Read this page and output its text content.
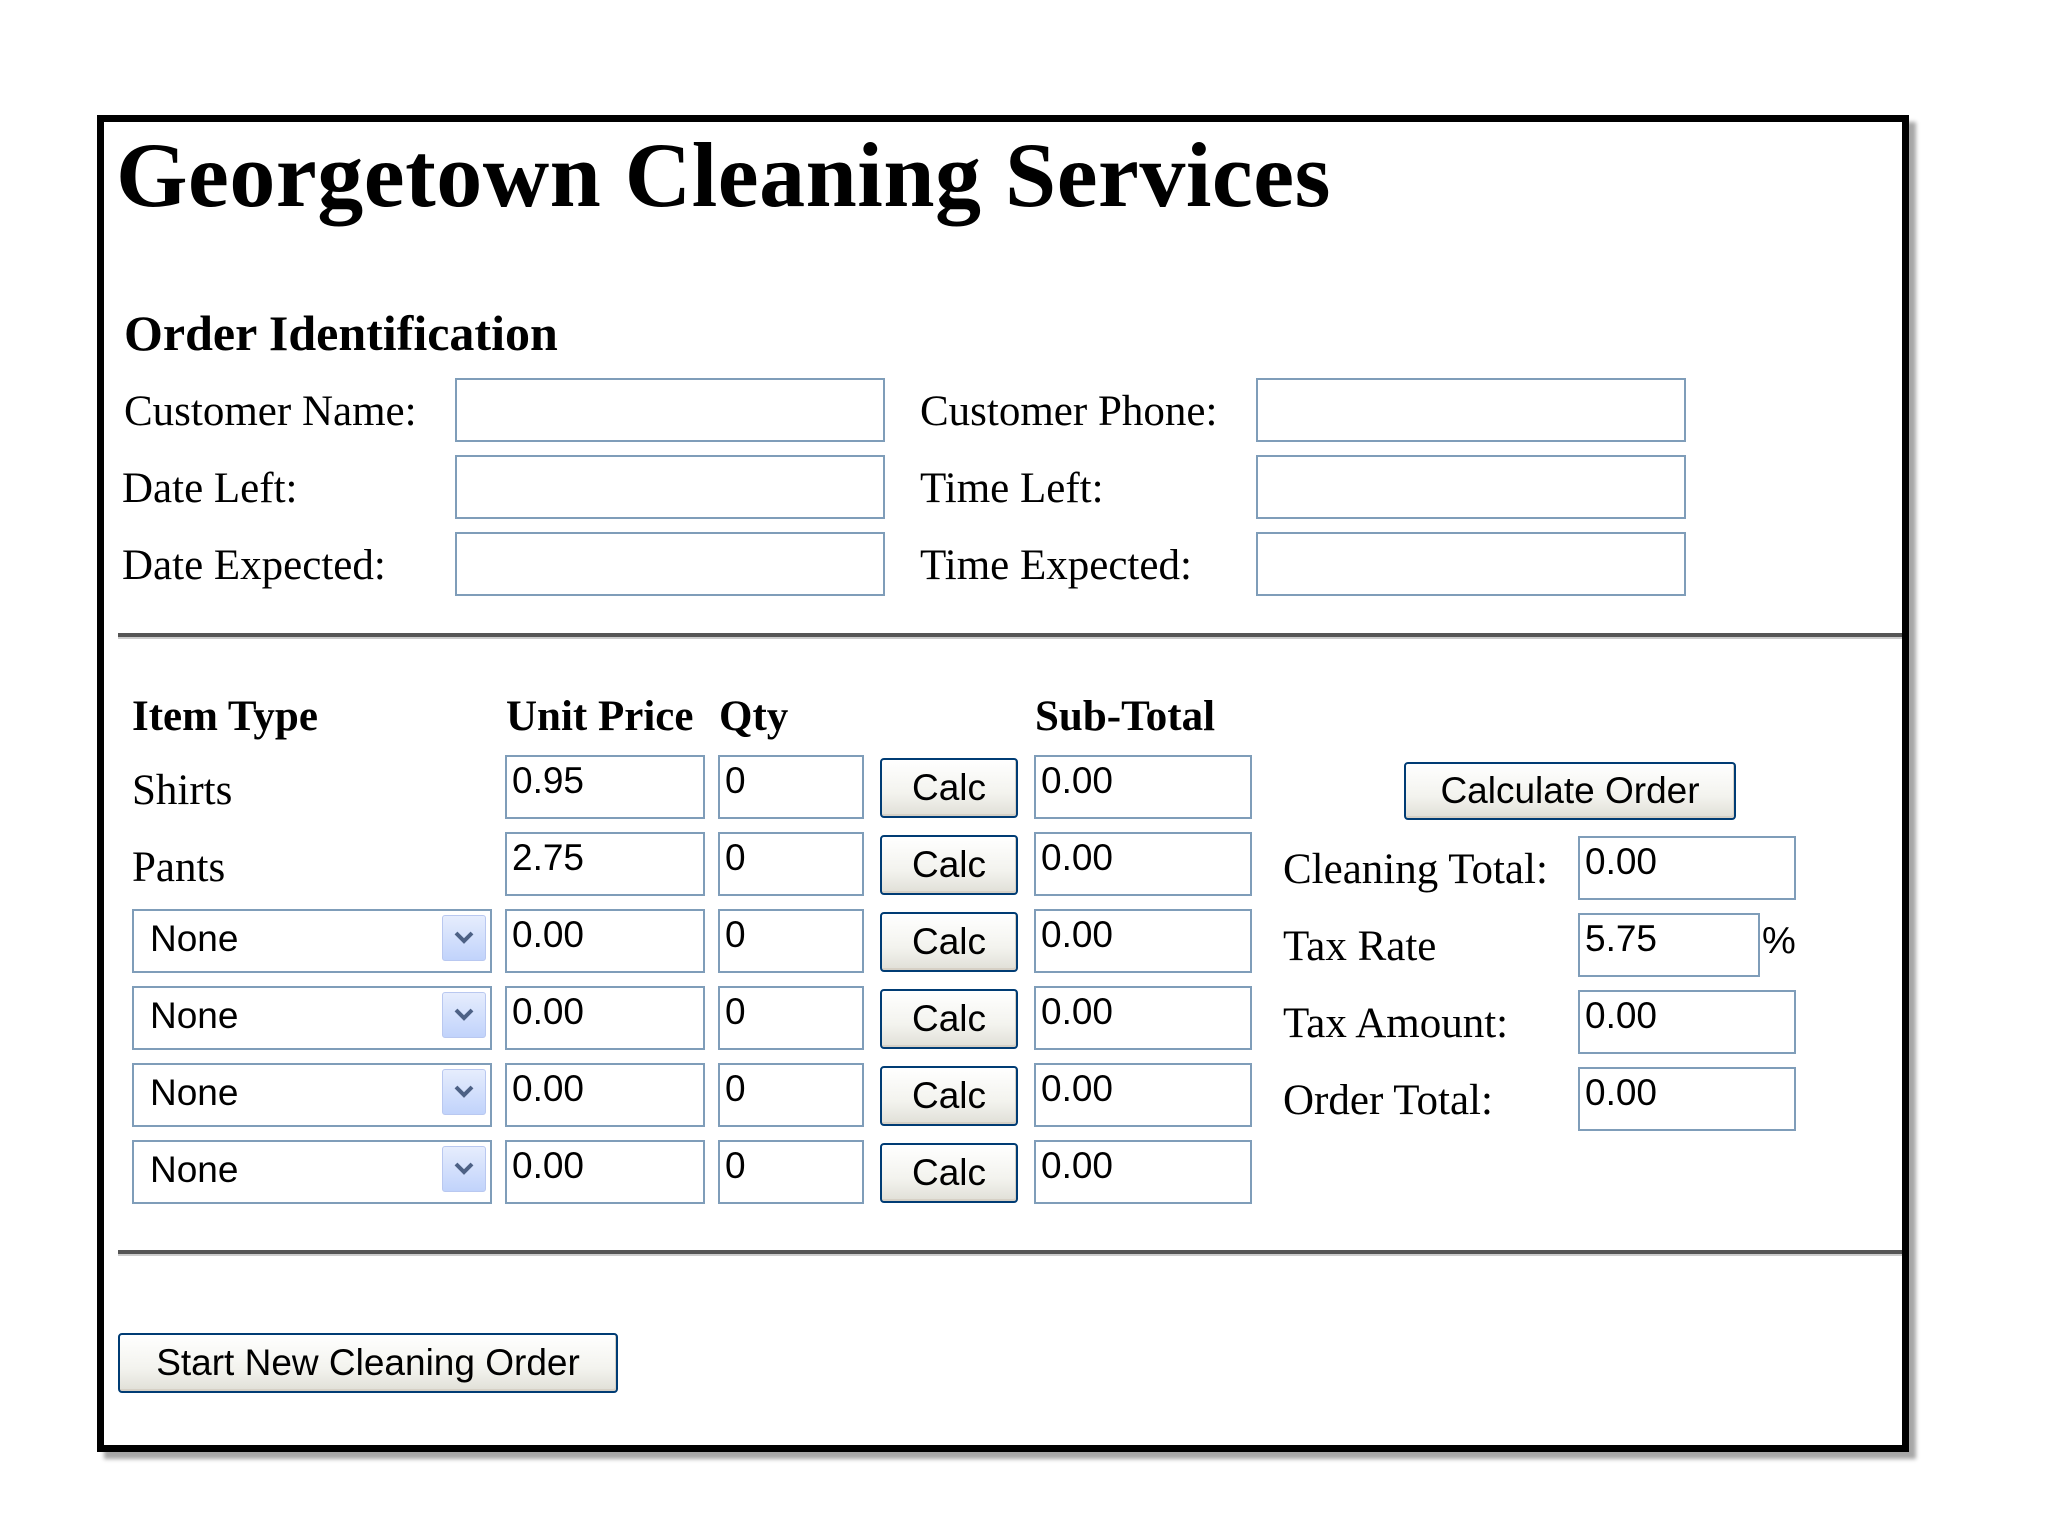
Georgetown Cleaning Services
Order Identification
Customer Name:	Customer Phone:
Date Left:	Time Left:
Date Expected:	Time Expected:
Item Type	Unit Price Qty	Sub-Total
Shirts	0.95	0	Calc	0.00
Pants	2.75	0	Calc	0.00
None	0.00	0	Calc	0.00
None	0.00	0	Calc	0.00
None	0.00	0	Calc	0.00
None	0.00	0	Calc	0.00
Calculate Order
Cleaning Total: 0.00
Tax Rate	5.75	%
Tax Amount: 0.00
Order Total: 0.00
Start New Cleaning Order
